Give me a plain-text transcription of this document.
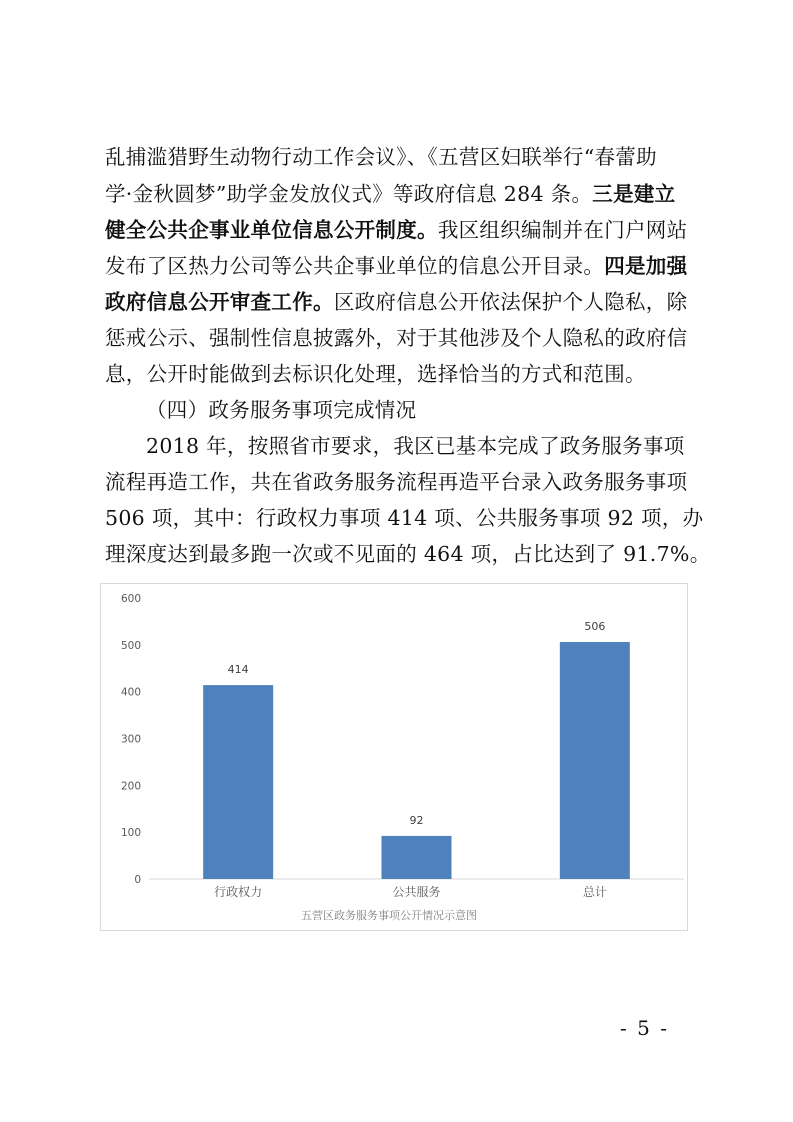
乱捕滥猎野生动物行动工作会议》、《五营区妇联举行“春蕾助
学·金秋圆梦”助学金发放仪式》等政府信息 284 条。三是建立
健全公共企事业单位信息公开制度。我区组织编制并在门户网站
发布了区热力公司等公共企事业单位的信息公开目录。四是加强
政府信息公开审查工作。区政府信息公开依法保护个人隐私，除
惩戒公示、强制性信息披露外，对于其他涉及个人隐私的政府信
息，公开时能做到去标识化处理，选择恰当的方式和范围。
（四）政务服务事项完成情况
2018 年，按照省市要求，我区已基本完成了政务服务事项
流程再造工作，共在省政务服务流程再造平台录入政务服务事项
506 项，其中：行政权力事项 414 项、公共服务事项 92 项，办
理深度达到最多跑一次或不见面的 464 项，占比达到了 91.7%。
0
100
200
300
400
500
600
414
行政权力
92
公共服务
506
总计
五营区政务服务事项公开情况示意图
- 5 -
